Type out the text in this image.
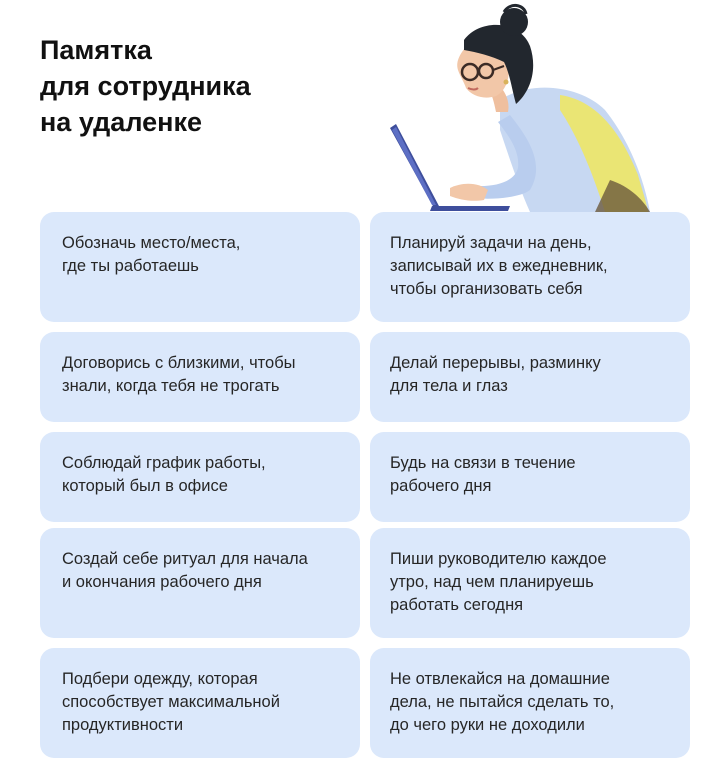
Памятка
для сотрудника
на удаленке
Обозначь место/места,
где ты работаешь
Планируй задачи на день,
записывай их в ежедневник,
чтобы организовать себя
Договорись с близкими, чтобы
знали, когда тебя не трогать
Делай перерывы, разминку
для тела и глаз
Соблюдай график работы,
который был в офисе
Будь на связи в течение
рабочего дня
Создай себе ритуал для начала
и окончания рабочего дня
Пиши руководителю каждое
утро, над чем планируешь
работать сегодня
Подбери одежду, которая
способствует максимальной
продуктивности
Не отвлекайся на домашние
дела, не пытайся сделать то,
до чего руки не доходили
